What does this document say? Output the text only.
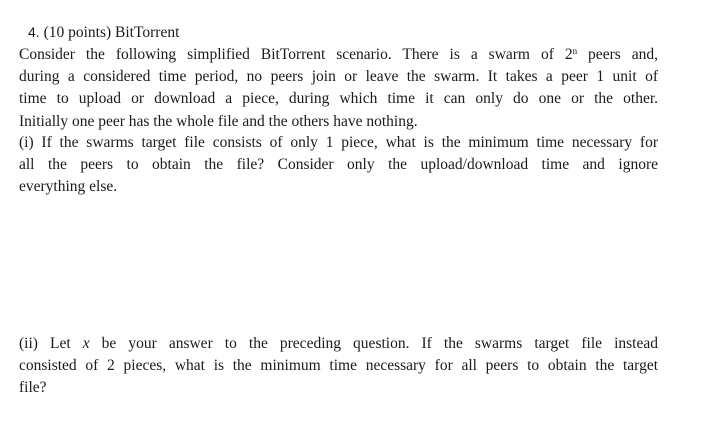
4. (10 points) BitTorrent
Consider the following simplified BitTorrent scenario. There is a swarm of 2$^n$ peers and,
during a considered time period, no peers join or leave the swarm. It takes a peer 1 unit of
time to upload or download a piece, during which time it can only do one or the other.
Initially one peer has the whole file and the others have nothing.
(i) If the swarms target file consists of only 1 piece, what is the minimum time necessary for
all the peers to obtain the file? Consider only the upload/download time and ignore
everything else.
(ii) Let x be your answer to the preceding question. If the swarms target file instead
consisted of 2 pieces, what is the minimum time necessary for all peers to obtain the target
file?
